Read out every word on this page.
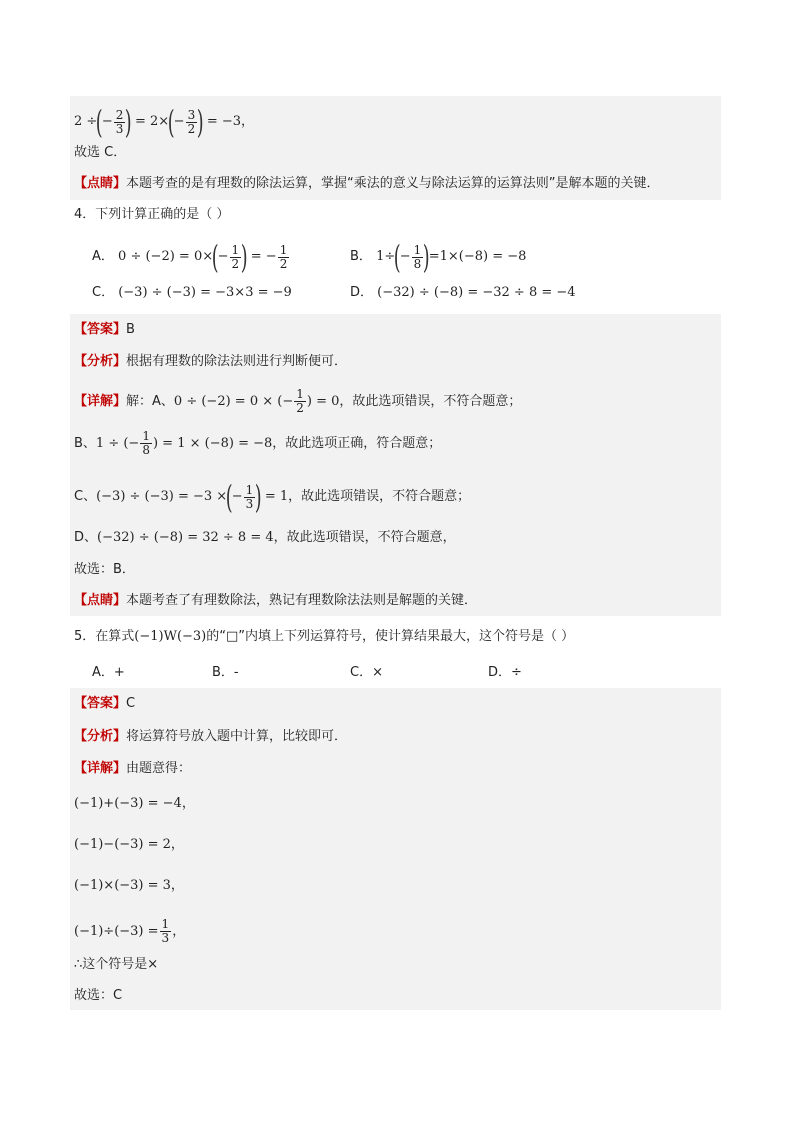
2
÷
(
− $\frac{2}{3}$ )
= 2×
(
− $\frac{3}{2}$ )
= −3，
故选 C．
【点睛】 本题考查的是有理数的除法运算，掌握“乘法的意义与除法运算的运算法则”是解本题的关键．
4．下列计算正确的是（ ）
A．
0 ÷ (−2) = 0×
(
− $\frac{1}{2}$ )
= − $\frac{1}{2}$	B．
1÷
(
− $\frac{1}{8}$ )
=1×(−8) = −8
C．
(−3) ÷ (−3) = −3×3 = −9	D．
(−32) ÷ (−8) = −32 ÷ 8 = −4
【答案】 B
【分析】 根据有理数的除法法则进行判断便可．
【详解】 解：A、 0 ÷ (−2) = 0 × (− $\frac{1}{2}$ ) = 0 ，故此选项错误，不符合题意；
B、 1 ÷ (− $\frac{1}{8}$ ) = 1 × (−8) = −8 ，故此选项正确，符合题意；
C、 (−3) ÷ (−3) = −3 ×
(
− $\frac{1}{3}$ )
= 1 ，故此选项错误，不符合题意；
D、 (−32) ÷ (−8) = 32 ÷ 8 = 4 ，故此选项错误，不符合题意，
故选：B．
【点睛】 本题考查了有理数除法，熟记有理数除法法则是解题的关键．
5．在算式 (−1)W(−3) 的“□”内填上下列运算符号，使计算结果最大，这个符号是（ ）
A．+	B．-	C．×	D．÷
【答案】 C
【分析】 将运算符号放入题中计算，比较即可．
【详解】 由题意得：
(−1)+(−3) = −4，
(−1)−(−3) = 2，
(−1)×(−3) = 3，
$(-1)\div(-3) = \frac{1}{3}$ ，
∴这个符号是×
故选：C
